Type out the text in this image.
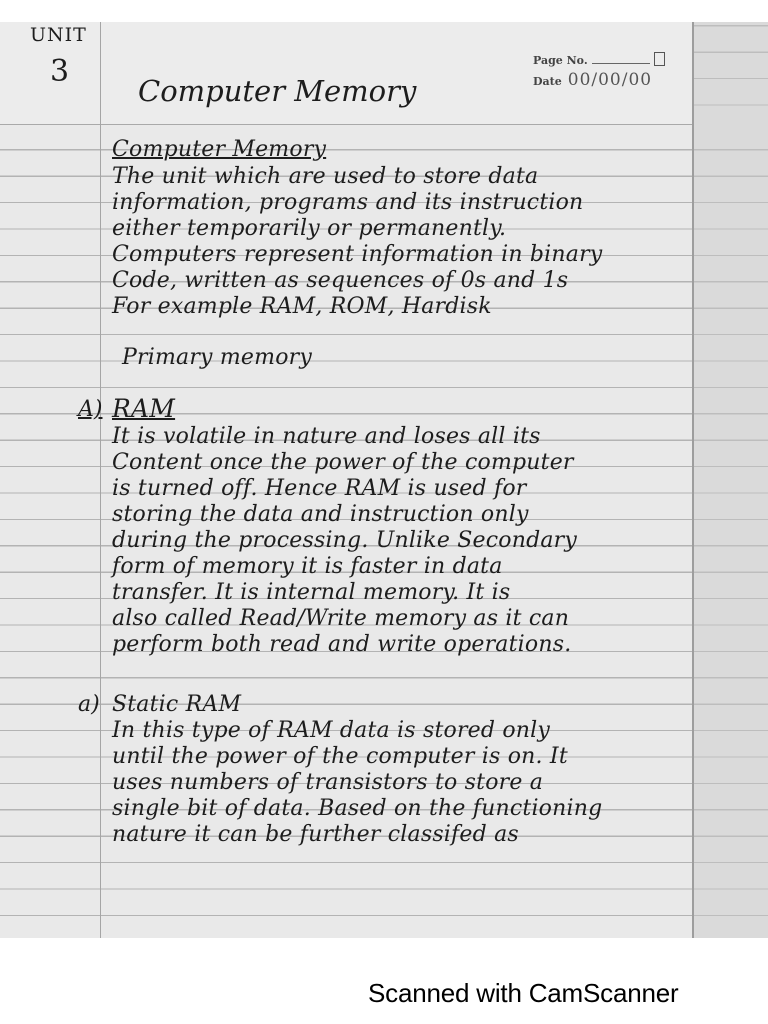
UNIT
3
Computer Memory
Page No.
Date 00/00/00
Computer Memory
The unit which are used to store data
information, programs and its instruction
either temporarily or permanently.
Computers represent information in binary
Code, written as sequences of 0s and 1s
For example RAM, ROM, Hardisk
Primary memory
A) RAM
It is volatile in nature and loses all its
Content once the power of the computer
is turned off. Hence RAM is used for
storing the data and instruction only
during the processing. Unlike Secondary
form of memory it is faster in data
transfer. It is internal memory. It is
also called Read/Write memory as it can
perform both read and write operations.
a) Static RAM
In this type of RAM data is stored only
until the power of the computer is on. It
uses numbers of transistors to store a
single bit of data. Based on the functioning
nature it can be further classifed as
Scanned with CamScanner
